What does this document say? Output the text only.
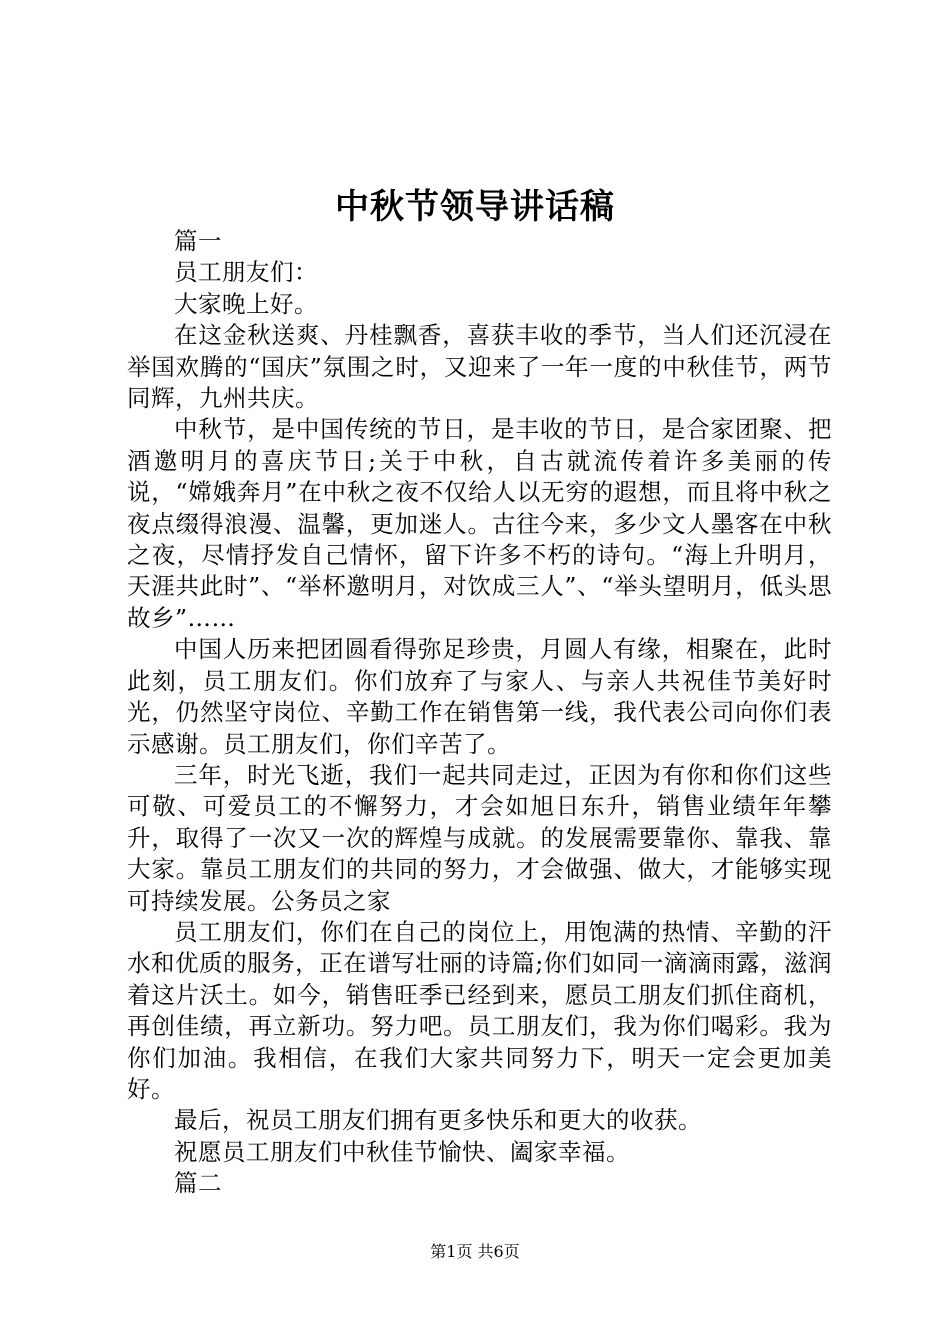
中秋节领导讲话稿

篇一

员工朋友们：

大家晚上好。

在这金秋送爽、丹桂飘香，喜获丰收的季节，当人们还沉浸在举国欢腾的“国庆”氛围之时，又迎来了一年一度的中秋佳节，两节同辉，九州共庆。

中秋节，是中国传统的节日，是丰收的节日，是合家团聚、把酒邀明月的喜庆节日;关于中秋，自古就流传着许多美丽的传说，“嫦娥奔月”在中秋之夜不仅给人以无穷的遐想，而且将中秋之夜点缀得浪漫、温馨，更加迷人。古往今来，多少文人墨客在中秋之夜，尽情抒发自己情怀，留下许多不朽的诗句。“海上升明月，天涯共此时”、“举杯邀明月，对饮成三人”、“举头望明月，低头思故乡”……

中国人历来把团圆看得弥足珍贵，月圆人有缘，相聚在，此时此刻，员工朋友们。你们放弃了与家人、与亲人共祝佳节美好时光，仍然坚守岗位、辛勤工作在销售第一线，我代表公司向你们表示感谢。员工朋友们，你们辛苦了。

三年，时光飞逝，我们一起共同走过，正因为有你和你们这些可敬、可爱员工的不懈努力，才会如旭日东升，销售业绩年年攀升，取得了一次又一次的辉煌与成就。的发展需要靠你、靠我、靠大家。靠员工朋友们的共同的努力，才会做强、做大，才能够实现可持续发展。公务员之家

员工朋友们，你们在自己的岗位上，用饱满的热情、辛勤的汗水和优质的服务，正在谱写壮丽的诗篇;你们如同一滴滴雨露，滋润着这片沃土。如今，销售旺季已经到来，愿员工朋友们抓住商机，再创佳绩，再立新功。努力吧。员工朋友们，我为你们喝彩。我为你们加油。我相信，在我们大家共同努力下，明天一定会更加美好。

最后，祝员工朋友们拥有更多快乐和更大的收获。

祝愿员工朋友们中秋佳节愉快、阖家幸福。

篇二

第1页 共6页
